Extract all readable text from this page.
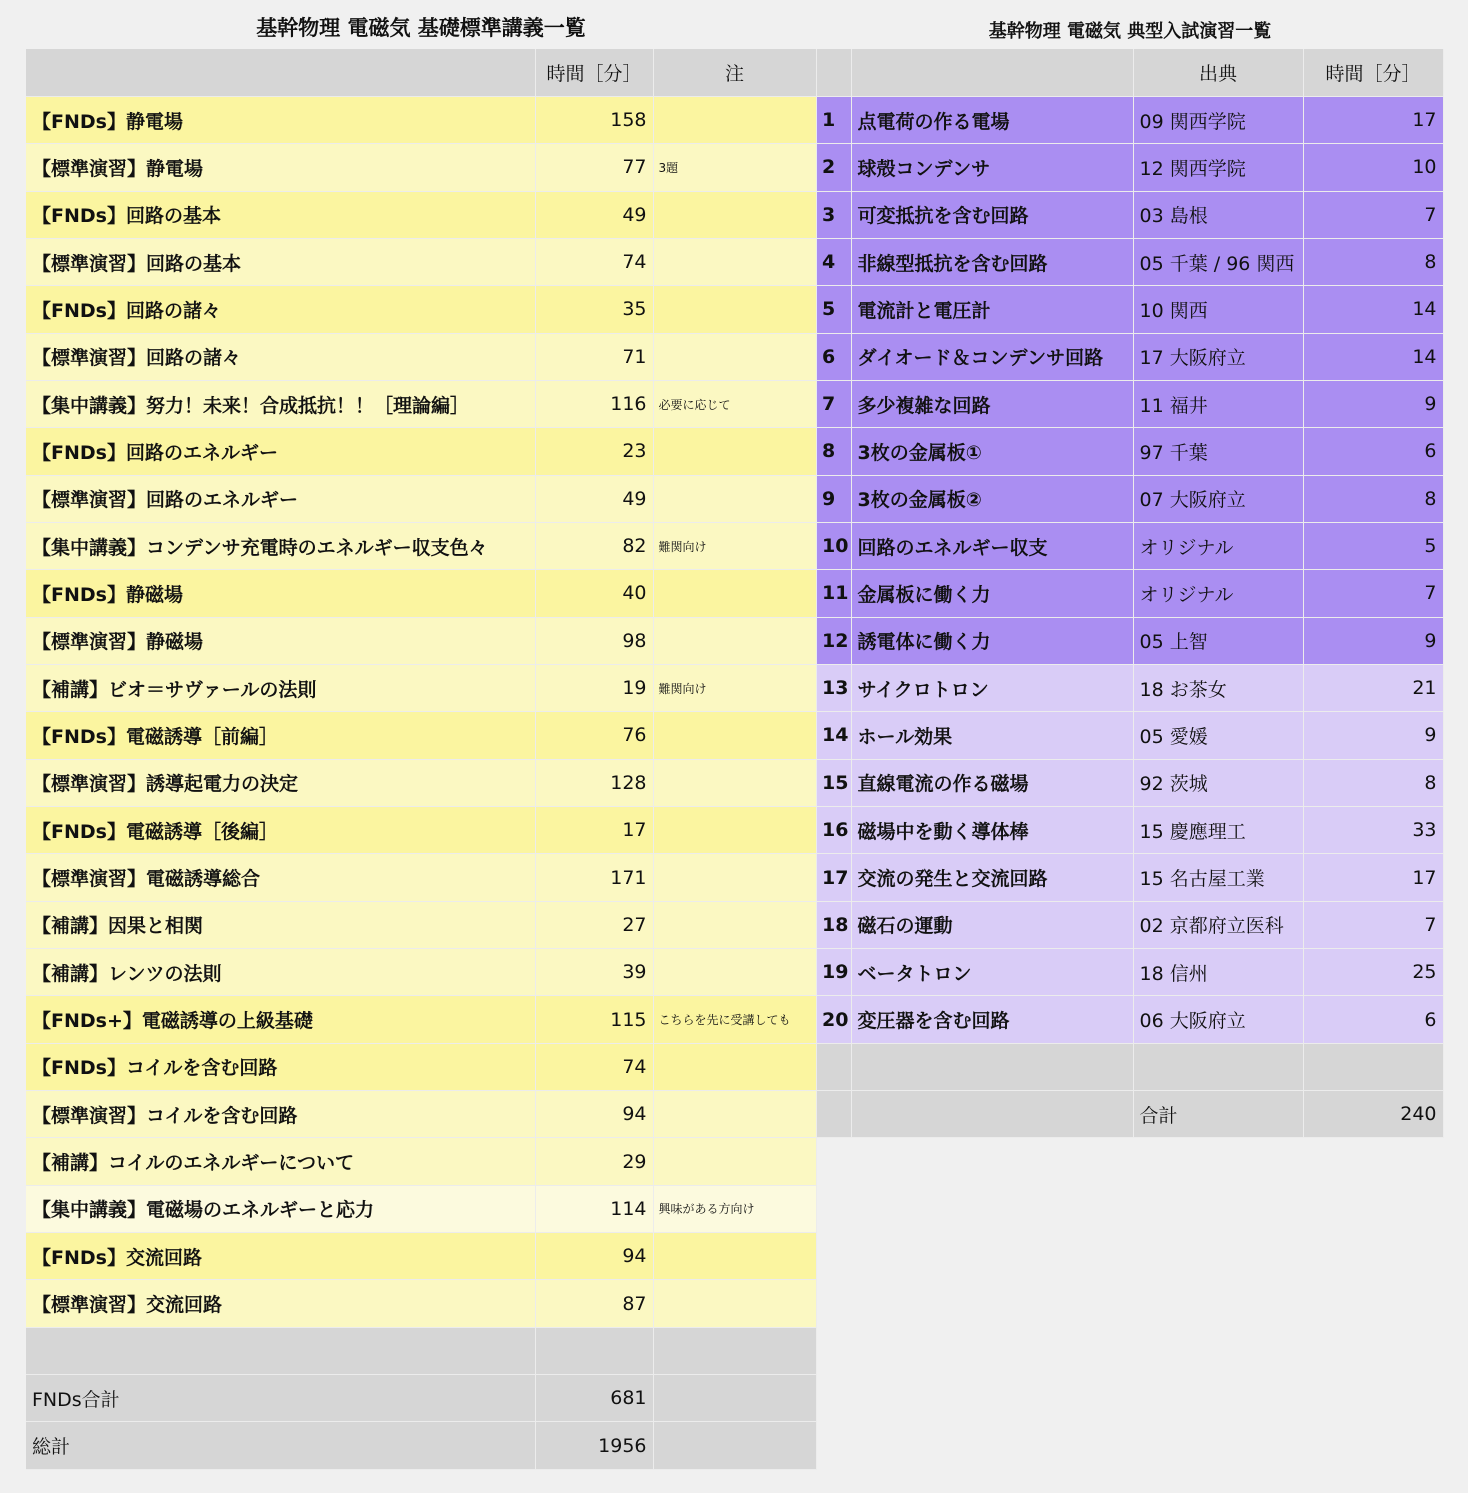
基幹物理 電磁気 基礎標準講義一覧	基幹物理 電磁気 典型入試演習一覧
	時間［分］	注
【FNDs】静電場	158	
【標準演習】静電場	77	3題
【FNDs】回路の基本	49	
【標準演習】回路の基本	74	
【FNDs】回路の諸々	35	
【標準演習】回路の諸々	71	
【集中講義】努力！未来！合成抵抗！！［理論編］	116	必要に応じて
【FNDs】回路のエネルギー	23	
【標準演習】回路のエネルギー	49	
【集中講義】コンデンサ充電時のエネルギー収支色々	82	難関向け
【FNDs】静磁場	40	
【標準演習】静磁場	98	
【補講】ビオ＝サヴァールの法則	19	難関向け
【FNDs】電磁誘導［前編］	76	
【標準演習】誘導起電力の決定	128	
【FNDs】電磁誘導［後編］	17	
【標準演習】電磁誘導総合	171	
【補講】因果と相関	27	
【補講】レンツの法則	39	
【FNDs+】電磁誘導の上級基礎	115	こちらを先に受講しても
【FNDs】コイルを含む回路	74	
【標準演習】コイルを含む回路	94	
【補講】コイルのエネルギーについて	29	
【集中講義】電磁場のエネルギーと応力	114	興味がある方向け
【FNDs】交流回路	94	
【標準演習】交流回路	87	

FNDs合計	681	
総計	1956	
		出典	時間［分］
1	点電荷の作る電場	09 関西学院	17
2	球殻コンデンサ	12 関西学院	10
3	可変抵抗を含む回路	03 島根	7
4	非線型抵抗を含む回路	05 千葉 / 96 関西	8
5	電流計と電圧計	10 関西	14
6	ダイオード＆コンデンサ回路	17 大阪府立	14
7	多少複雑な回路	11 福井	9
8	3枚の金属板①	97 千葉	6
9	3枚の金属板②	07 大阪府立	8
10	回路のエネルギー収支	オリジナル	5
11	金属板に働く力	オリジナル	7
12	誘電体に働く力	05 上智	9
13	サイクロトロン	18 お茶女	21
14	ホール効果	05 愛媛	9
15	直線電流の作る磁場	92 茨城	8
16	磁場中を動く導体棒	15 慶應理工	33
17	交流の発生と交流回路	15 名古屋工業	17
18	磁石の運動	02 京都府立医科	7
19	ベータトロン	18 信州	25
20	変圧器を含む回路	06 大阪府立	6

		合計	240
